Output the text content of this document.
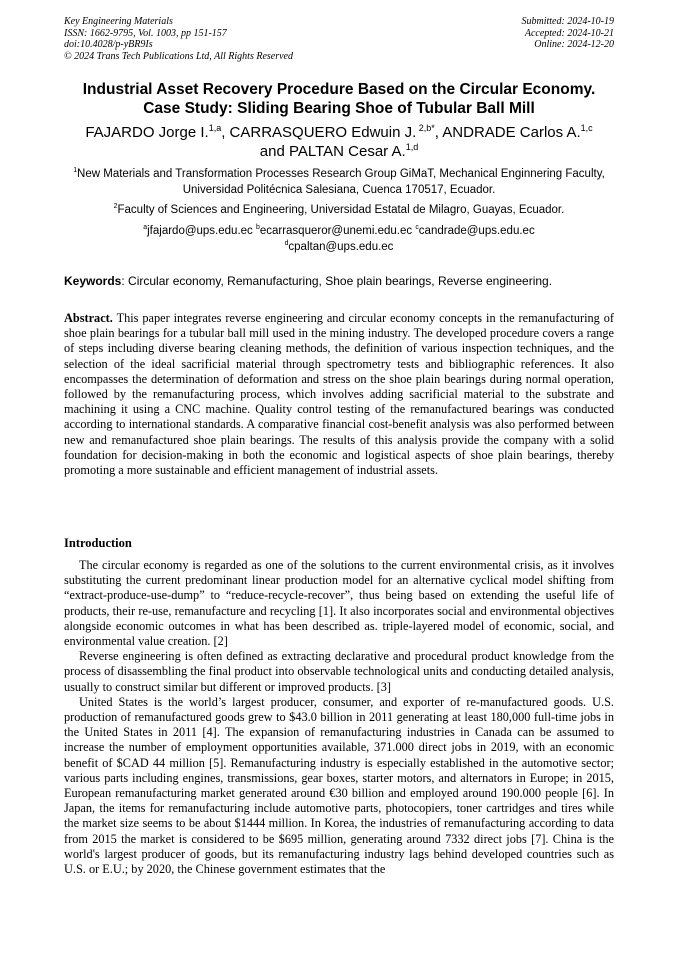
Key Engineering Materials
ISSN: 1662-9795, Vol. 1003, pp 151-157
doi:10.4028/p-yBR9Is
© 2024 Trans Tech Publications Ltd, All Rights Reserved
Submitted: 2024-10-19
Accepted: 2024-10-21
Online: 2024-12-20
Industrial Asset Recovery Procedure Based on the Circular Economy.
Case Study: Sliding Bearing Shoe of Tubular Ball Mill
FAJARDO Jorge I.$^{1,a}$, CARRASQUERO Edwuin J. $^{2,b*}$, ANDRADE Carlos A.$^{1,c}$
and PALTAN Cesar A.$^{1,d}$
$^1$New Materials and Transformation Processes Research Group GiMaT, Mechanical Enginnering Faculty, Universidad Politécnica Salesiana, Cuenca 170517, Ecuador.
$^2$Faculty of Sciences and Engineering, Universidad Estatal de Milagro, Guayas, Ecuador.
$^a$jfajardo@ups.edu.ec $^b$ecarrasqueror@unemi.edu.ec $^c$candrade@ups.edu.ec
$^d$cpaltan@ups.edu.ec
Keywords: Circular economy, Remanufacturing, Shoe plain bearings, Reverse engineering.
Abstract. This paper integrates reverse engineering and circular economy concepts in the remanufacturing of shoe plain bearings for a tubular ball mill used in the mining industry. The developed procedure covers a range of steps including diverse bearing cleaning methods, the definition of various inspection techniques, and the selection of the ideal sacrificial material through spectrometry tests and bibliographic references. It also encompasses the determination of deformation and stress on the shoe plain bearings during normal operation, followed by the remanufacturing process, which involves adding sacrificial material to the substrate and machining it using a CNC machine. Quality control testing of the remanufactured bearings was conducted according to international standards. A comparative financial cost-benefit analysis was also performed between new and remanufactured shoe plain bearings. The results of this analysis provide the company with a solid foundation for decision-making in both the economic and logistical aspects of shoe plain bearings, thereby promoting a more sustainable and efficient management of industrial assets.
Introduction

The circular economy is regarded as one of the solutions to the current environmental crisis, as it involves substituting the current predominant linear production model for an alternative cyclical model shifting from “extract-produce-use-dump” to “reduce-recycle-recover”, thus being based on extending the useful life of products, their re-use, remanufacture and recycling [1]. It also incorporates social and environmental objectives alongside economic outcomes in what has been described as. triple-layered model of economic, social, and environmental value creation. [2]

Reverse engineering is often defined as extracting declarative and procedural product knowledge from the process of disassembling the final product into observable technological units and conducting detailed analysis, usually to construct similar but different or improved products. [3]

United States is the world’s largest producer, consumer, and exporter of re-manufactured goods. U.S. production of remanufactured goods grew to $43.0 billion in 2011 generating at least 180,000 full-time jobs in the United States in 2011 [4]. The expansion of remanufacturing industries in Canada can be assumed to increase the number of employment opportunities available, 371.000 direct jobs in 2019, with an economic benefit of $CAD 44 million [5]. Remanufacturing industry is especially established in the automotive sector; various parts including engines, transmissions, gear boxes, starter motors, and alternators in Europe; in 2015, European remanufacturing market generated around €30 billion and employed around 190.000 people [6]. In Japan, the items for remanufacturing include automotive parts, photocopiers, toner cartridges and tires while the market size seems to be about $1444 million. In Korea, the industries of remanufacturing according to data from 2015 the market is considered to be $695 million, generating around 7332 direct jobs [7]. China is the world's largest producer of goods, but its remanufacturing industry lags behind developed countries such as U.S. or E.U.; by 2020, the Chinese government estimates that the
